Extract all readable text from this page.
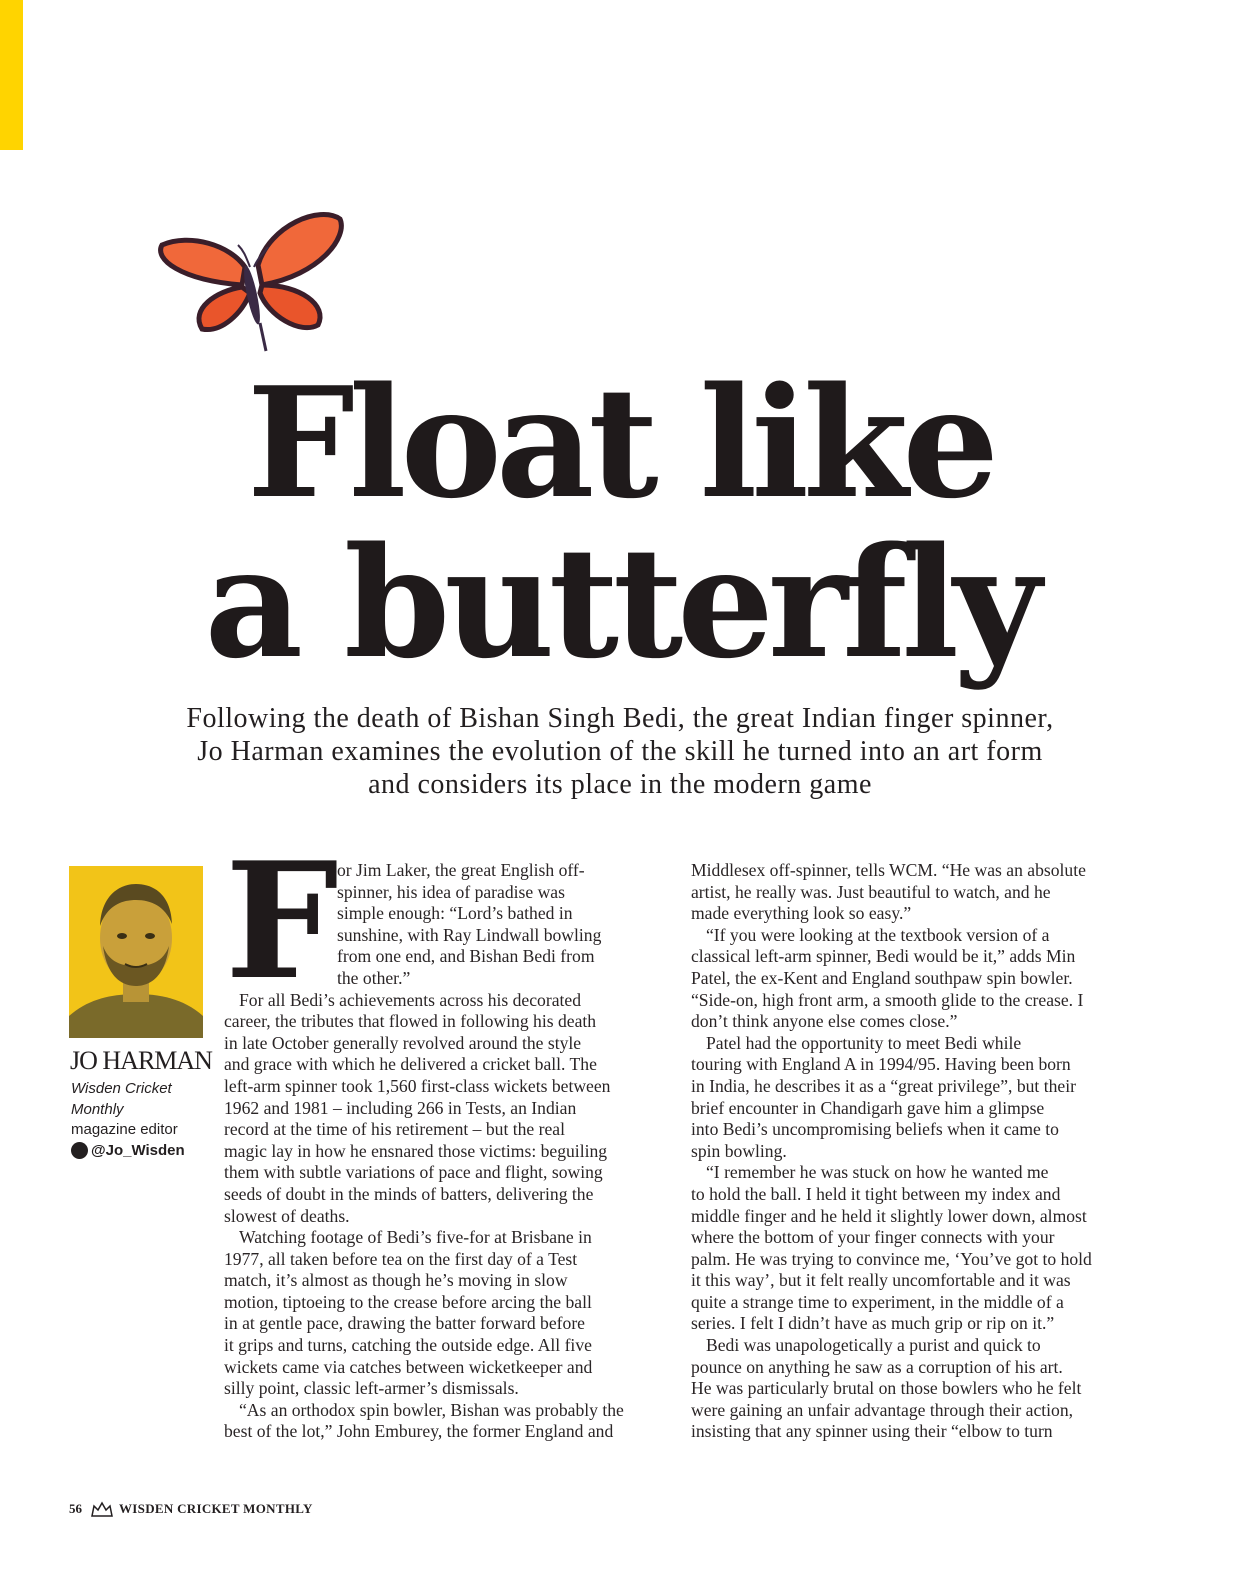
Float like
a butterfly
Following the death of Bishan Singh Bedi, the great Indian finger spinner,
Jo Harman examines the evolution of the skill he turned into an art form
and considers its place in the modern game
JO HARMAN
Wisden Cricket
Monthly
magazine editor
@Jo_Wisden
F
or Jim Laker, the great English off-
spinner, his idea of paradise was
simple enough: “Lord’s bathed in
sunshine, with Ray Lindwall bowling
from one end, and Bishan Bedi from
the other.”
For all Bedi’s achievements across his decorated
career, the tributes that flowed in following his death
in late October generally revolved around the style
and grace with which he delivered a cricket ball. The
left-arm spinner took 1,560 first-class wickets between
1962 and 1981 – including 266 in Tests, an Indian
record at the time of his retirement – but the real
magic lay in how he ensnared those victims: beguiling
them with subtle variations of pace and flight, sowing
seeds of doubt in the minds of batters, delivering the
slowest of deaths.
Watching footage of Bedi’s five-for at Brisbane in
1977, all taken before tea on the first day of a Test
match, it’s almost as though he’s moving in slow
motion, tiptoeing to the crease before arcing the ball
in at gentle pace, drawing the batter forward before
it grips and turns, catching the outside edge. All five
wickets came via catches between wicketkeeper and
silly point, classic left-armer’s dismissals.
“As an orthodox spin bowler, Bishan was probably the
best of the lot,” John Emburey, the former England and
Middlesex off-spinner, tells WCM. “He was an absolute
artist, he really was. Just beautiful to watch, and he
made everything look so easy.”
“If you were looking at the textbook version of a
classical left-arm spinner, Bedi would be it,” adds Min
Patel, the ex-Kent and England southpaw spin bowler.
“Side-on, high front arm, a smooth glide to the crease. I
don’t think anyone else comes close.”
Patel had the opportunity to meet Bedi while
touring with England A in 1994/95. Having been born
in India, he describes it as a “great privilege”, but their
brief encounter in Chandigarh gave him a glimpse
into Bedi’s uncompromising beliefs when it came to
spin bowling.
“I remember he was stuck on how he wanted me
to hold the ball. I held it tight between my index and
middle finger and he held it slightly lower down, almost
where the bottom of your finger connects with your
palm. He was trying to convince me, ‘You’ve got to hold
it this way’, but it felt really uncomfortable and it was
quite a strange time to experiment, in the middle of a
series. I felt I didn’t have as much grip or rip on it.”
Bedi was unapologetically a purist and quick to
pounce on anything he saw as a corruption of his art.
He was particularly brutal on those bowlers who he felt
were gaining an unfair advantage through their action,
insisting that any spinner using their “elbow to turn
56	WISDEN CRICKET MONTHLY
